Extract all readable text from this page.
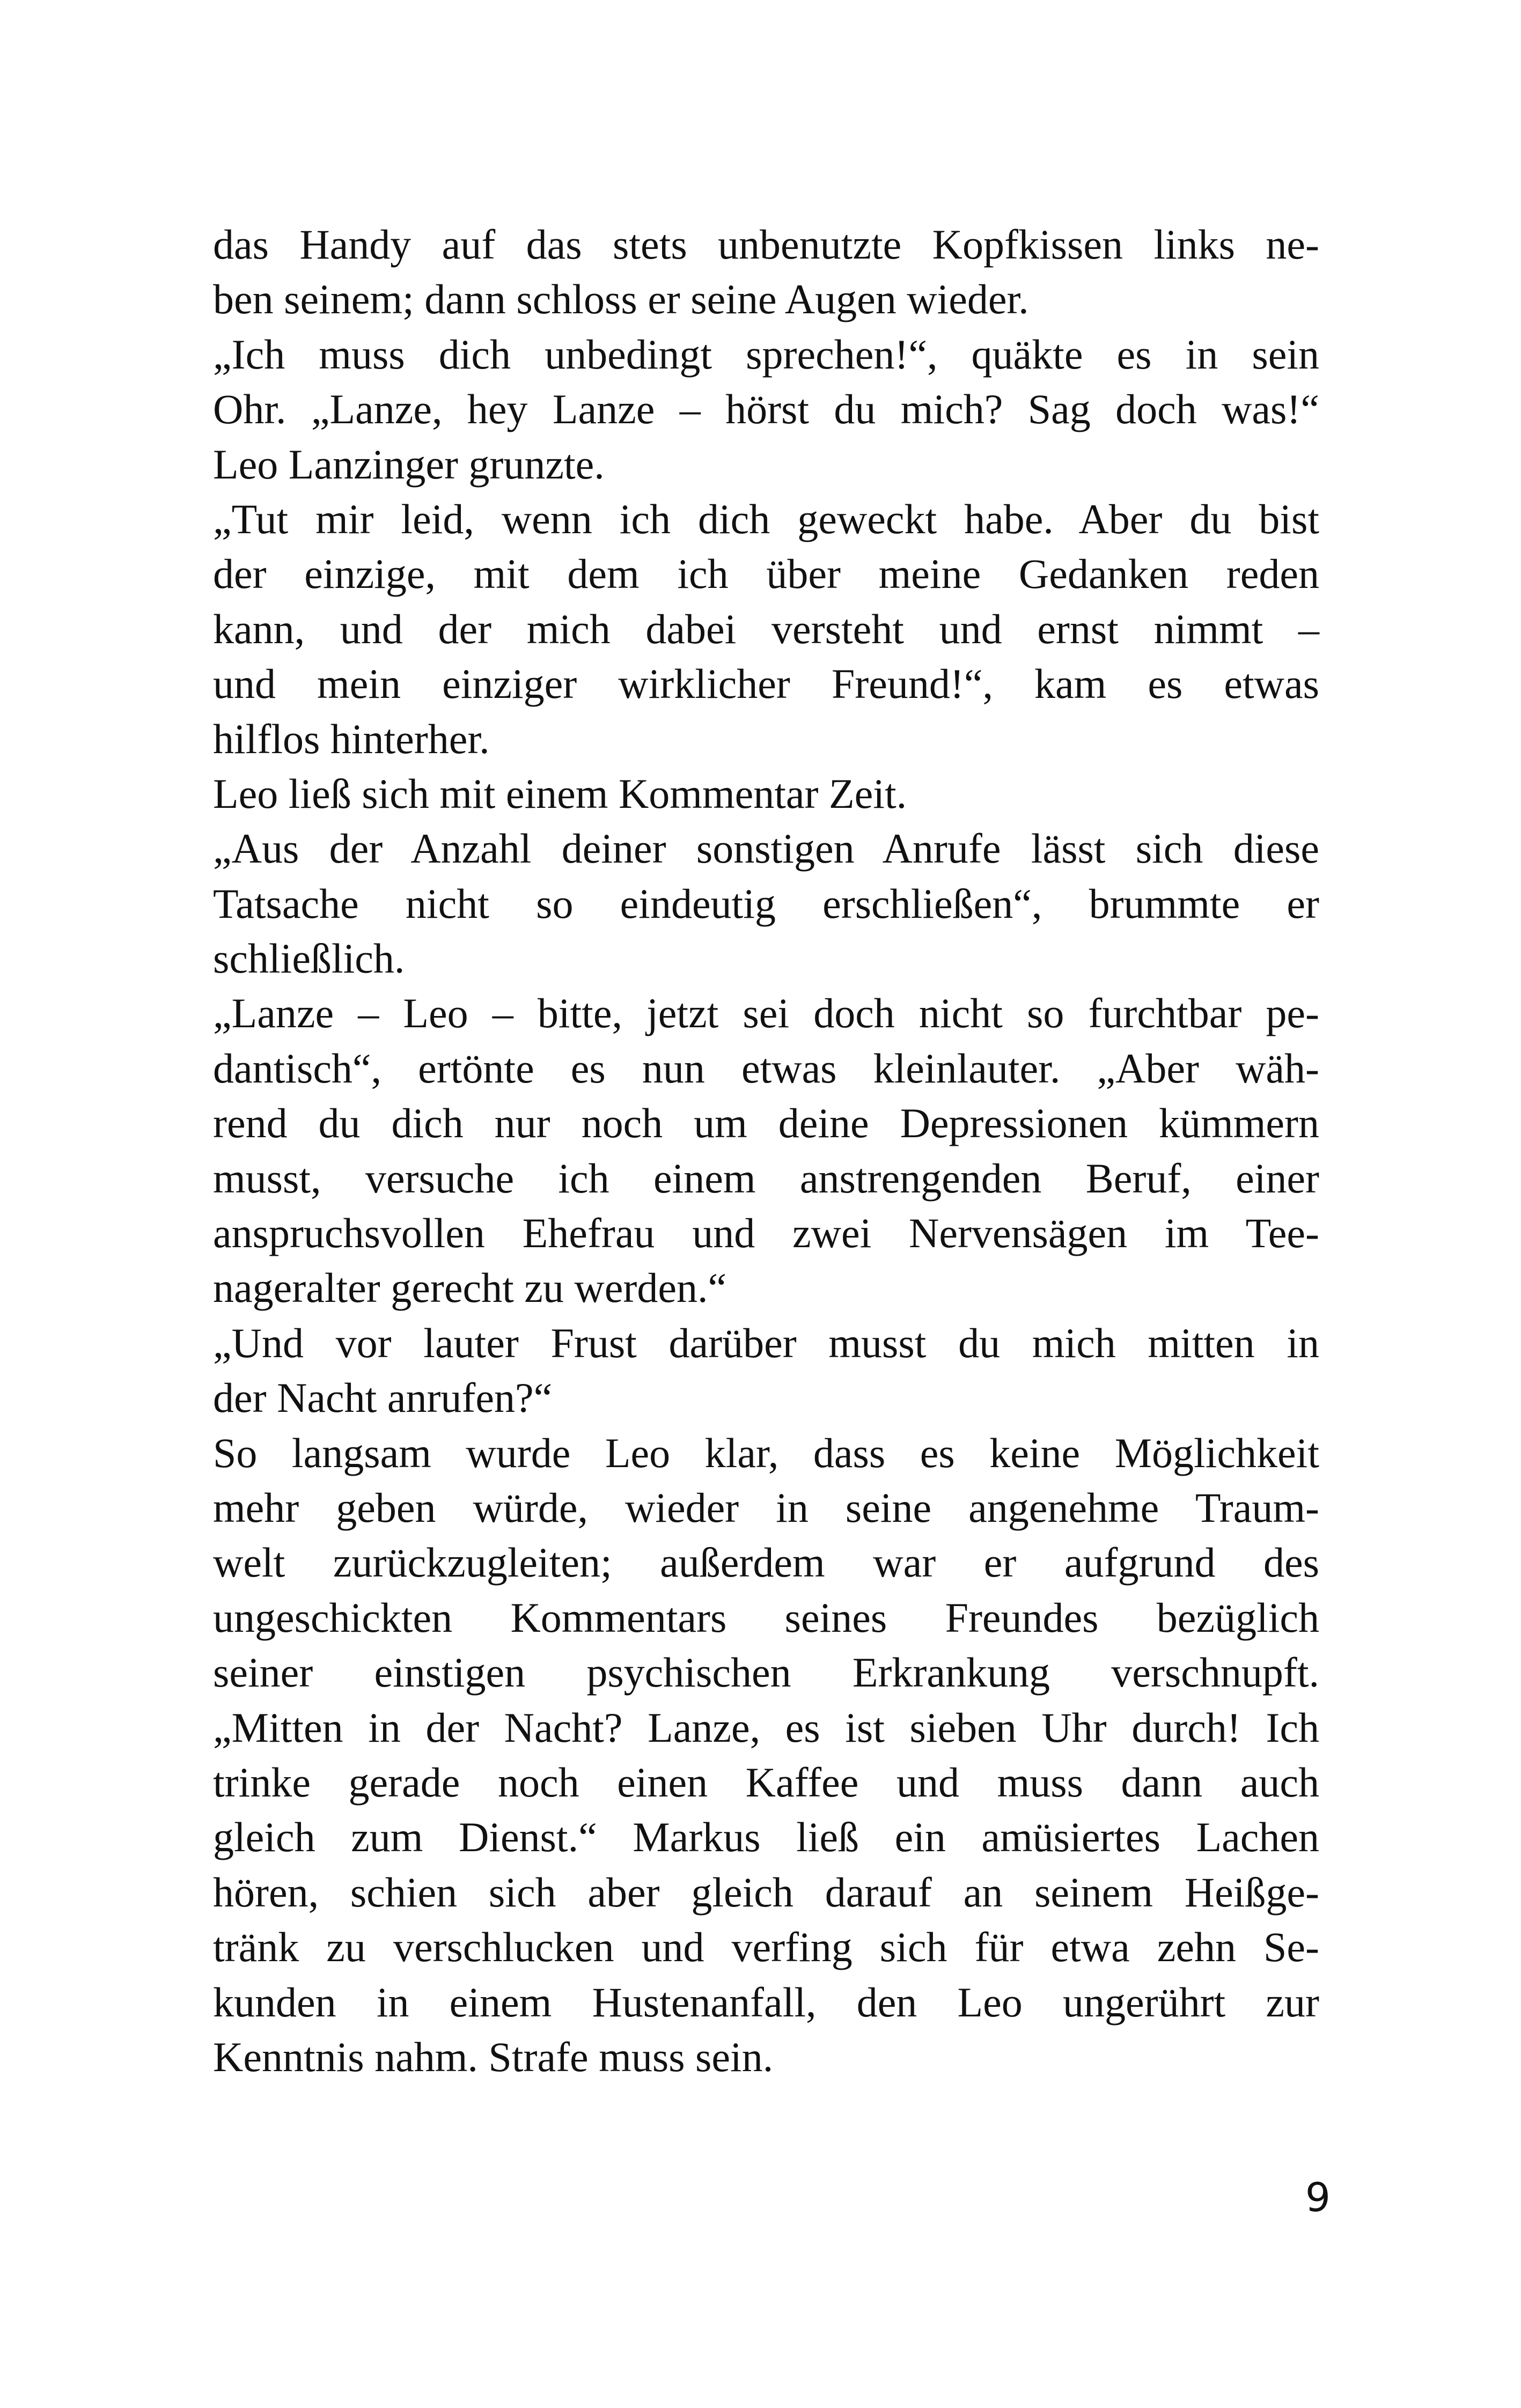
das Handy auf das stets unbenutzte Kopfkissen links ne-
ben seinem; dann schloss er seine Augen wieder.
„Ich muss dich unbedingt sprechen!“, quäkte es in sein
Ohr. „Lanze, hey Lanze – hörst du mich? Sag doch was!“
Leo Lanzinger grunzte.
„Tut mir leid, wenn ich dich geweckt habe. Aber du bist
der einzige, mit dem ich über meine Gedanken reden
kann, und der mich dabei versteht und ernst nimmt –
und mein einziger wirklicher Freund!“, kam es etwas
hilflos hinterher.
Leo ließ sich mit einem Kommentar Zeit.
„Aus der Anzahl deiner sonstigen Anrufe lässt sich diese
Tatsache nicht so eindeutig erschließen“, brummte er
schließlich.
„Lanze – Leo – bitte, jetzt sei doch nicht so furchtbar pe-
dantisch“, ertönte es nun etwas kleinlauter. „Aber wäh-
rend du dich nur noch um deine Depressionen kümmern
musst, versuche ich einem anstrengenden Beruf, einer
anspruchsvollen Ehefrau und zwei Nervensägen im Tee-
nageralter gerecht zu werden.“
„Und vor lauter Frust darüber musst du mich mitten in
der Nacht anrufen?“
So langsam wurde Leo klar, dass es keine Möglichkeit
mehr geben würde, wieder in seine angenehme Traum-
welt zurückzugleiten; außerdem war er aufgrund des
ungeschickten Kommentars seines Freundes bezüglich
seiner einstigen psychischen Erkrankung verschnupft.
„Mitten in der Nacht? Lanze, es ist sieben Uhr durch! Ich
trinke gerade noch einen Kaffee und muss dann auch
gleich zum Dienst.“ Markus ließ ein amüsiertes Lachen
hören, schien sich aber gleich darauf an seinem Heißge-
tränk zu verschlucken und verfing sich für etwa zehn Se-
kunden in einem Hustenanfall, den Leo ungerührt zur
Kenntnis nahm. Strafe muss sein.
9
